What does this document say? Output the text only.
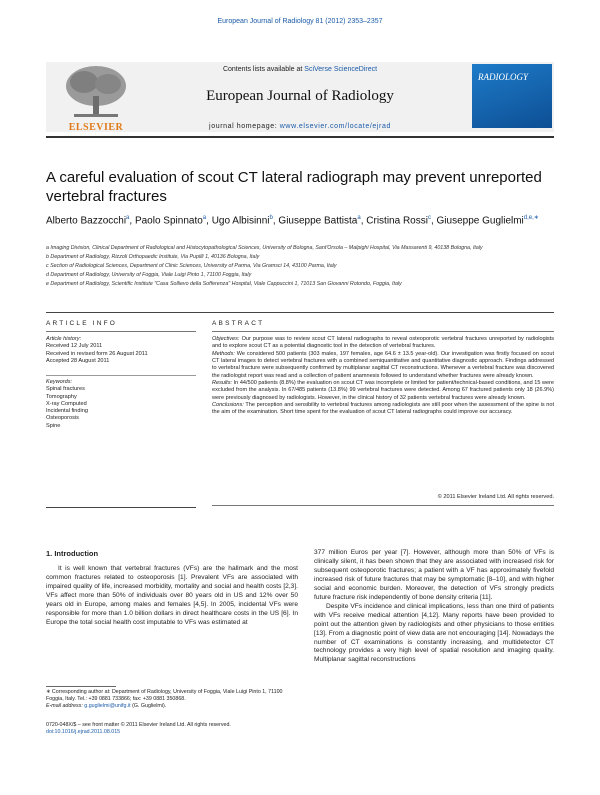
European Journal of Radiology 81 (2012) 2353–2357
ELSEVIER
Contents lists available at SciVerse ScienceDirect
European Journal of Radiology
journal homepage: www.elsevier.com/locate/ejrad
RADIOLOGY
A careful evaluation of scout CT lateral radiograph may prevent unreported vertebral fractures
Alberto Bazzocchi$^a$, Paolo Spinnato$^a$, Ugo Albisinni$^b$, Giuseppe Battista$^a$, Cristina Rossi$^c$, Giuseppe Guglielmi$^{d,e,∗}$
a Imaging Division, Clinical Department of Radiological and Histocytopathological Sciences, University of Bologna, Sant'Orsola – Malpighi Hospital, Via Massarenti 9, 40138 Bologna, Italy
b Department of Radiology, Rizzoli Orthopaedic Institute, Via Pupilli 1, 40136 Bologna, Italy
c Section of Radiological Sciences, Department of Clinic Sciences, University of Parma, Via Gramsci 14, 43100 Parma, Italy
d Department of Radiology, University of Foggia, Viale Luigi Pinto 1, 71100 Foggia, Italy
e Department of Radiology, Scientific Institute "Casa Sollievo della Sofferenza" Hospital, Viale Cappuccini 1, 71013 San Giovanni Rotondo, Foggia, Italy
ARTICLE INFO	ABSTRACT
Article history:
Received 12 July 2011
Received in revised form 26 August 2011
Accepted 28 August 2011
Keywords:
Spinal fractures
Tomography
X-ray Computed
Incidental finding
Osteoporosis
Spine

Objectives: Our purpose was to review scout CT lateral radiographs to reveal osteoporotic vertebral fractures unreported by radiologists and to explore scout CT as a potential diagnostic tool in the detection of vertebral fractures.

Methods: We considered 500 patients (303 males, 197 females, age 64.6 ± 13.5 year-old). Our investigation was firstly focused on scout CT lateral images to detect vertebral fractures with a combined semiquantitative and quantitative diagnostic approach. Findings addressed to vertebral fracture were subsequently confirmed by multiplanar sagittal CT reconstructions. Whenever a vertebral fracture was discovered the radiologist report was read and a collection of patient anamnesis followed to understand whether fractures were already known.

Results: In 44/500 patients (8.8%) the evaluation on scout CT was incomplete or limited for patient/technical-based conditions, and 15 were excluded from the analysis. In 67/485 patients (13.8%) 99 vertebral fractures were detected. Among 67 fractured patients only 18 (26.9%) were previously diagnosed by radiologists. However, in the clinical history of 32 patients vertebral fractures were already known.

Conclusions: The perception and sensibility to vertebral fractures among radiologists are still poor when the assessment of the spine is not the aim of the examination. Short time spent for the evaluation of scout CT lateral radiographs could improve our accuracy.

© 2011 Elsevier Ireland Ltd. All rights reserved.
1. Introduction

It is well known that vertebral fractures (VFs) are the hallmark and the most common fractures related to osteoporosis [1]. Prevalent VFs are associated with impaired quality of life, increased morbidity, mortality and social and health costs [2,3]. VFs affect more than 50% of individuals over 80 years old in US and 12% over 50 years old in Europe, among males and females [4,5]. In 2005, incidental VFs were responsible for more than 1.0 billion dollars in direct healthcare costs in the US [6]. In Europe the total social health cost imputable to VFs was estimated at

377 million Euros per year [7]. However, although more than 50% of VFs is clinically silent, it has been shown that they are associated with increased risk for subsequent osteoporotic fractures; a patient with a VF has approximately fivefold increased risk of future fractures that may be symptomatic [8–10], and with higher social and economic burden. Moreover, the detection of VFs strongly predicts future fracture risk independently of bone density criteria [11].

Despite VFs incidence and clinical implications, less than one third of patients with VFs receive medical attention [4,12]. Many reports have been provided to point out the attention given by radiologists and other physicians to those entities [13]. From a diagnostic point of view data are not encouraging [14]. Nowadays the number of CT examinations is constantly increasing, and multidetector CT technology provides a very high level of spatial resolution and imaging quality. Multiplanar sagittal reconstructions

∗ Corresponding author at: Department of Radiology, University of Foggia, Viale Luigi Pinto 1, 71100 Foggia, Italy. Tel.: +39 0881 733866; fax: +39 0881 350868.
E-mail address: g.guglielmi@unifg.it (G. Guglielmi).
0720-048X/$ – see front matter © 2011 Elsevier Ireland Ltd. All rights reserved.
doi:10.1016/j.ejrad.2011.08.015
